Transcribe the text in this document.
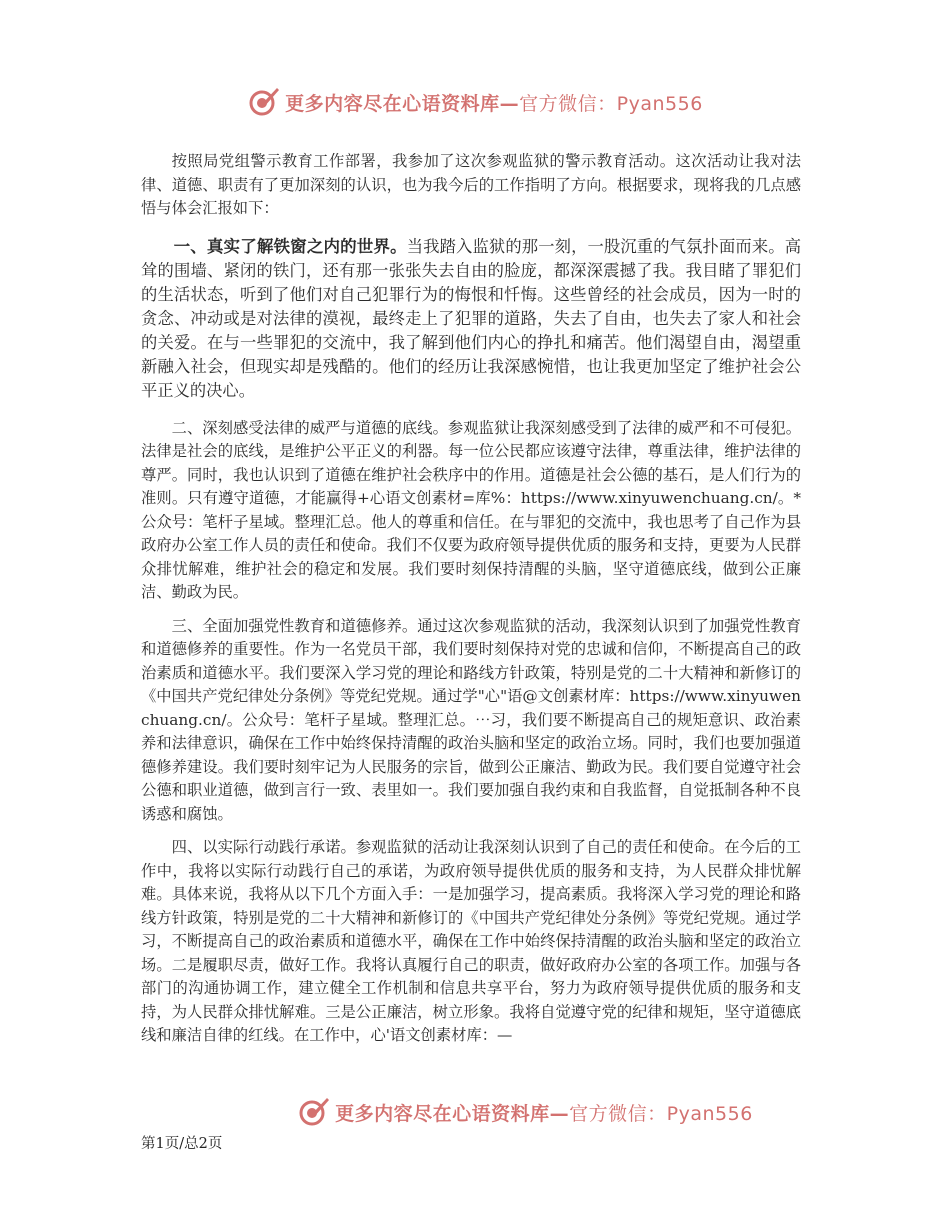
更多内容尽在心语资料库—官方微信：Pyan556

按照局党组警示教育工作部署，我参加了这次参观监狱的警示教育活动。这次活动让我对法律、道德、职责有了更加深刻的认识，也为我今后的工作指明了方向。根据要求，现将我的几点感悟与体会汇报如下：

一、真实了解铁窗之内的世界。当我踏入监狱的那一刻，一股沉重的气氛扑面而来。高耸的围墙、紧闭的铁门，还有那一张张失去自由的脸庞，都深深震撼了我。我目睹了罪犯们的生活状态，听到了他们对自己犯罪行为的悔恨和忏悔。这些曾经的社会成员，因为一时的贪念、冲动或是对法律的漠视，最终走上了犯罪的道路，失去了自由，也失去了家人和社会的关爱。在与一些罪犯的交流中，我了解到他们内心的挣扎和痛苦。他们渴望自由，渴望重新融入社会，但现实却是残酷的。他们的经历让我深感惋惜，也让我更加坚定了维护社会公平正义的决心。

二、深刻感受法律的威严与道德的底线。参观监狱让我深刻感受到了法律的威严和不可侵犯。法律是社会的底线，是维护公平正义的利器。每一位公民都应该遵守法律，尊重法律，维护法律的尊严。同时，我也认识到了道德在维护社会秩序中的作用。道德是社会公德的基石，是人们行为的准则。只有遵守道德，才能赢得+心语文创素材=库%：https://www.xinyuwenchuang.cn/。*公众号：笔杆子星域。整理汇总。他人的尊重和信任。在与罪犯的交流中，我也思考了自己作为县政府办公室工作人员的责任和使命。我们不仅要为政府领导提供优质的服务和支持，更要为人民群众排忧解难，维护社会的稳定和发展。我们要时刻保持清醒的头脑，坚守道德底线，做到公正廉洁、勤政为民。

三、全面加强党性教育和道德修养。通过这次参观监狱的活动，我深刻认识到了加强党性教育和道德修养的重要性。作为一名党员干部，我们要时刻保持对党的忠诚和信仰，不断提高自己的政治素质和道德水平。我们要深入学习党的理论和路线方针政策，特别是党的二十大精神和新修订的《中国共产党纪律处分条例》等党纪党规。通过学"心"语@文创素材库：https://www.xinyuwenchuang.cn/。公众号：笔杆子星域。整理汇总。⋯习，我们要不断提高自己的规矩意识、政治素养和法律意识，确保在工作中始终保持清醒的政治头脑和坚定的政治立场。同时，我们也要加强道德修养建设。我们要时刻牢记为人民服务的宗旨，做到公正廉洁、勤政为民。我们要自觉遵守社会公德和职业道德，做到言行一致、表里如一。我们要加强自我约束和自我监督，自觉抵制各种不良诱惑和腐蚀。

四、以实际行动践行承诺。参观监狱的活动让我深刻认识到了自己的责任和使命。在今后的工作中，我将以实际行动践行自己的承诺，为政府领导提供优质的服务和支持，为人民群众排忧解难。具体来说，我将从以下几个方面入手：一是加强学习，提高素质。我将深入学习党的理论和路线方针政策，特别是党的二十大精神和新修订的《中国共产党纪律处分条例》等党纪党规。通过学习，不断提高自己的政治素质和道德水平，确保在工作中始终保持清醒的政治头脑和坚定的政治立场。二是履职尽责，做好工作。我将认真履行自己的职责，做好政府办公室的各项工作。加强与各部门的沟通协调工作，建立健全工作机制和信息共享平台，努力为政府领导提供优质的服务和支持，为人民群众排忧解难。三是公正廉洁，树立形象。我将自觉遵守党的纪律和规矩，坚守道德底线和廉洁自律的红线。在工作中，心'语文创素材库：—

更多内容尽在心语资料库—官方微信：Pyan556
第1页/总2页
